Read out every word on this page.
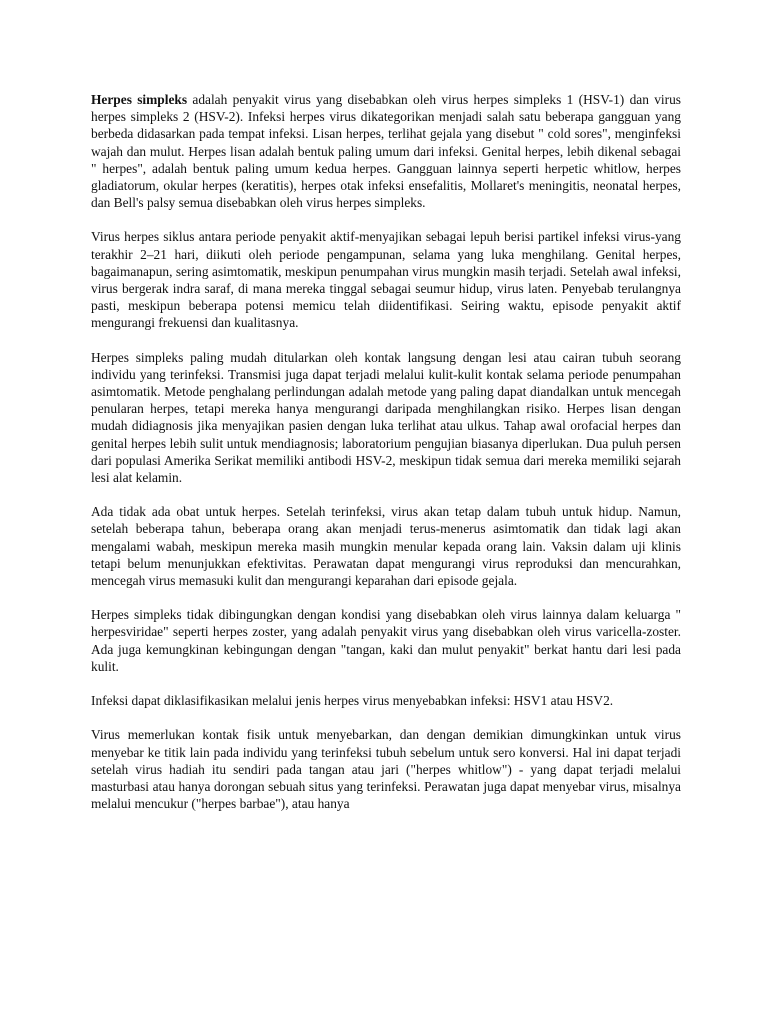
Herpes simpleks adalah penyakit virus yang disebabkan oleh virus herpes simpleks 1 (HSV-1) dan virus herpes simpleks 2 (HSV-2). Infeksi herpes virus dikategorikan menjadi salah satu beberapa gangguan yang berbeda didasarkan pada tempat infeksi. Lisan herpes, terlihat gejala yang disebut " cold sores", menginfeksi wajah dan mulut. Herpes lisan adalah bentuk paling umum dari infeksi. Genital herpes, lebih dikenal sebagai " herpes", adalah bentuk paling umum kedua herpes. Gangguan lainnya seperti herpetic whitlow, herpes gladiatorum, okular herpes (keratitis), herpes otak infeksi ensefalitis, Mollaret's meningitis, neonatal herpes, dan Bell's palsy semua disebabkan oleh virus herpes simpleks.

Virus herpes siklus antara periode penyakit aktif-menyajikan sebagai lepuh berisi partikel infeksi virus-yang terakhir 2–21 hari, diikuti oleh periode pengampunan, selama yang luka menghilang. Genital herpes, bagaimanapun, sering asimtomatik, meskipun penumpahan virus mungkin masih terjadi. Setelah awal infeksi, virus bergerak indra saraf, di mana mereka tinggal sebagai seumur hidup, virus laten. Penyebab terulangnya pasti, meskipun beberapa potensi memicu telah diidentifikasi. Seiring waktu, episode penyakit aktif mengurangi frekuensi dan kualitasnya.

Herpes simpleks paling mudah ditularkan oleh kontak langsung dengan lesi atau cairan tubuh seorang individu yang terinfeksi. Transmisi juga dapat terjadi melalui kulit-kulit kontak selama periode penumpahan asimtomatik. Metode penghalang perlindungan adalah metode yang paling dapat diandalkan untuk mencegah penularan herpes, tetapi mereka hanya mengurangi daripada menghilangkan risiko. Herpes lisan dengan mudah didiagnosis jika menyajikan pasien dengan luka terlihat atau ulkus. Tahap awal orofacial herpes dan genital herpes lebih sulit untuk mendiagnosis; laboratorium pengujian biasanya diperlukan. Dua puluh persen dari populasi Amerika Serikat memiliki antibodi HSV-2, meskipun tidak semua dari mereka memiliki sejarah lesi alat kelamin.

Ada tidak ada obat untuk herpes. Setelah terinfeksi, virus akan tetap dalam tubuh untuk hidup. Namun, setelah beberapa tahun, beberapa orang akan menjadi terus-menerus asimtomatik dan tidak lagi akan mengalami wabah, meskipun mereka masih mungkin menular kepada orang lain. Vaksin dalam uji klinis tetapi belum menunjukkan efektivitas. Perawatan dapat mengurangi virus reproduksi dan mencurahkan, mencegah virus memasuki kulit dan mengurangi keparahan dari episode gejala.

Herpes simpleks tidak dibingungkan dengan kondisi yang disebabkan oleh virus lainnya dalam keluarga " herpesviridae" seperti herpes zoster, yang adalah penyakit virus yang disebabkan oleh virus varicella-zoster. Ada juga kemungkinan kebingungan dengan "tangan, kaki dan mulut penyakit" berkat hantu dari lesi pada kulit.

Infeksi dapat diklasifikasikan melalui jenis herpes virus menyebabkan infeksi: HSV1 atau HSV2.

Virus memerlukan kontak fisik untuk menyebarkan, dan dengan demikian dimungkinkan untuk virus menyebar ke titik lain pada individu yang terinfeksi tubuh sebelum untuk sero konversi. Hal ini dapat terjadi setelah virus hadiah itu sendiri pada tangan atau jari ("herpes whitlow") - yang dapat terjadi melalui masturbasi atau hanya dorongan sebuah situs yang terinfeksi. Perawatan juga dapat menyebar virus, misalnya melalui mencukur ("herpes barbae"), atau hanya
